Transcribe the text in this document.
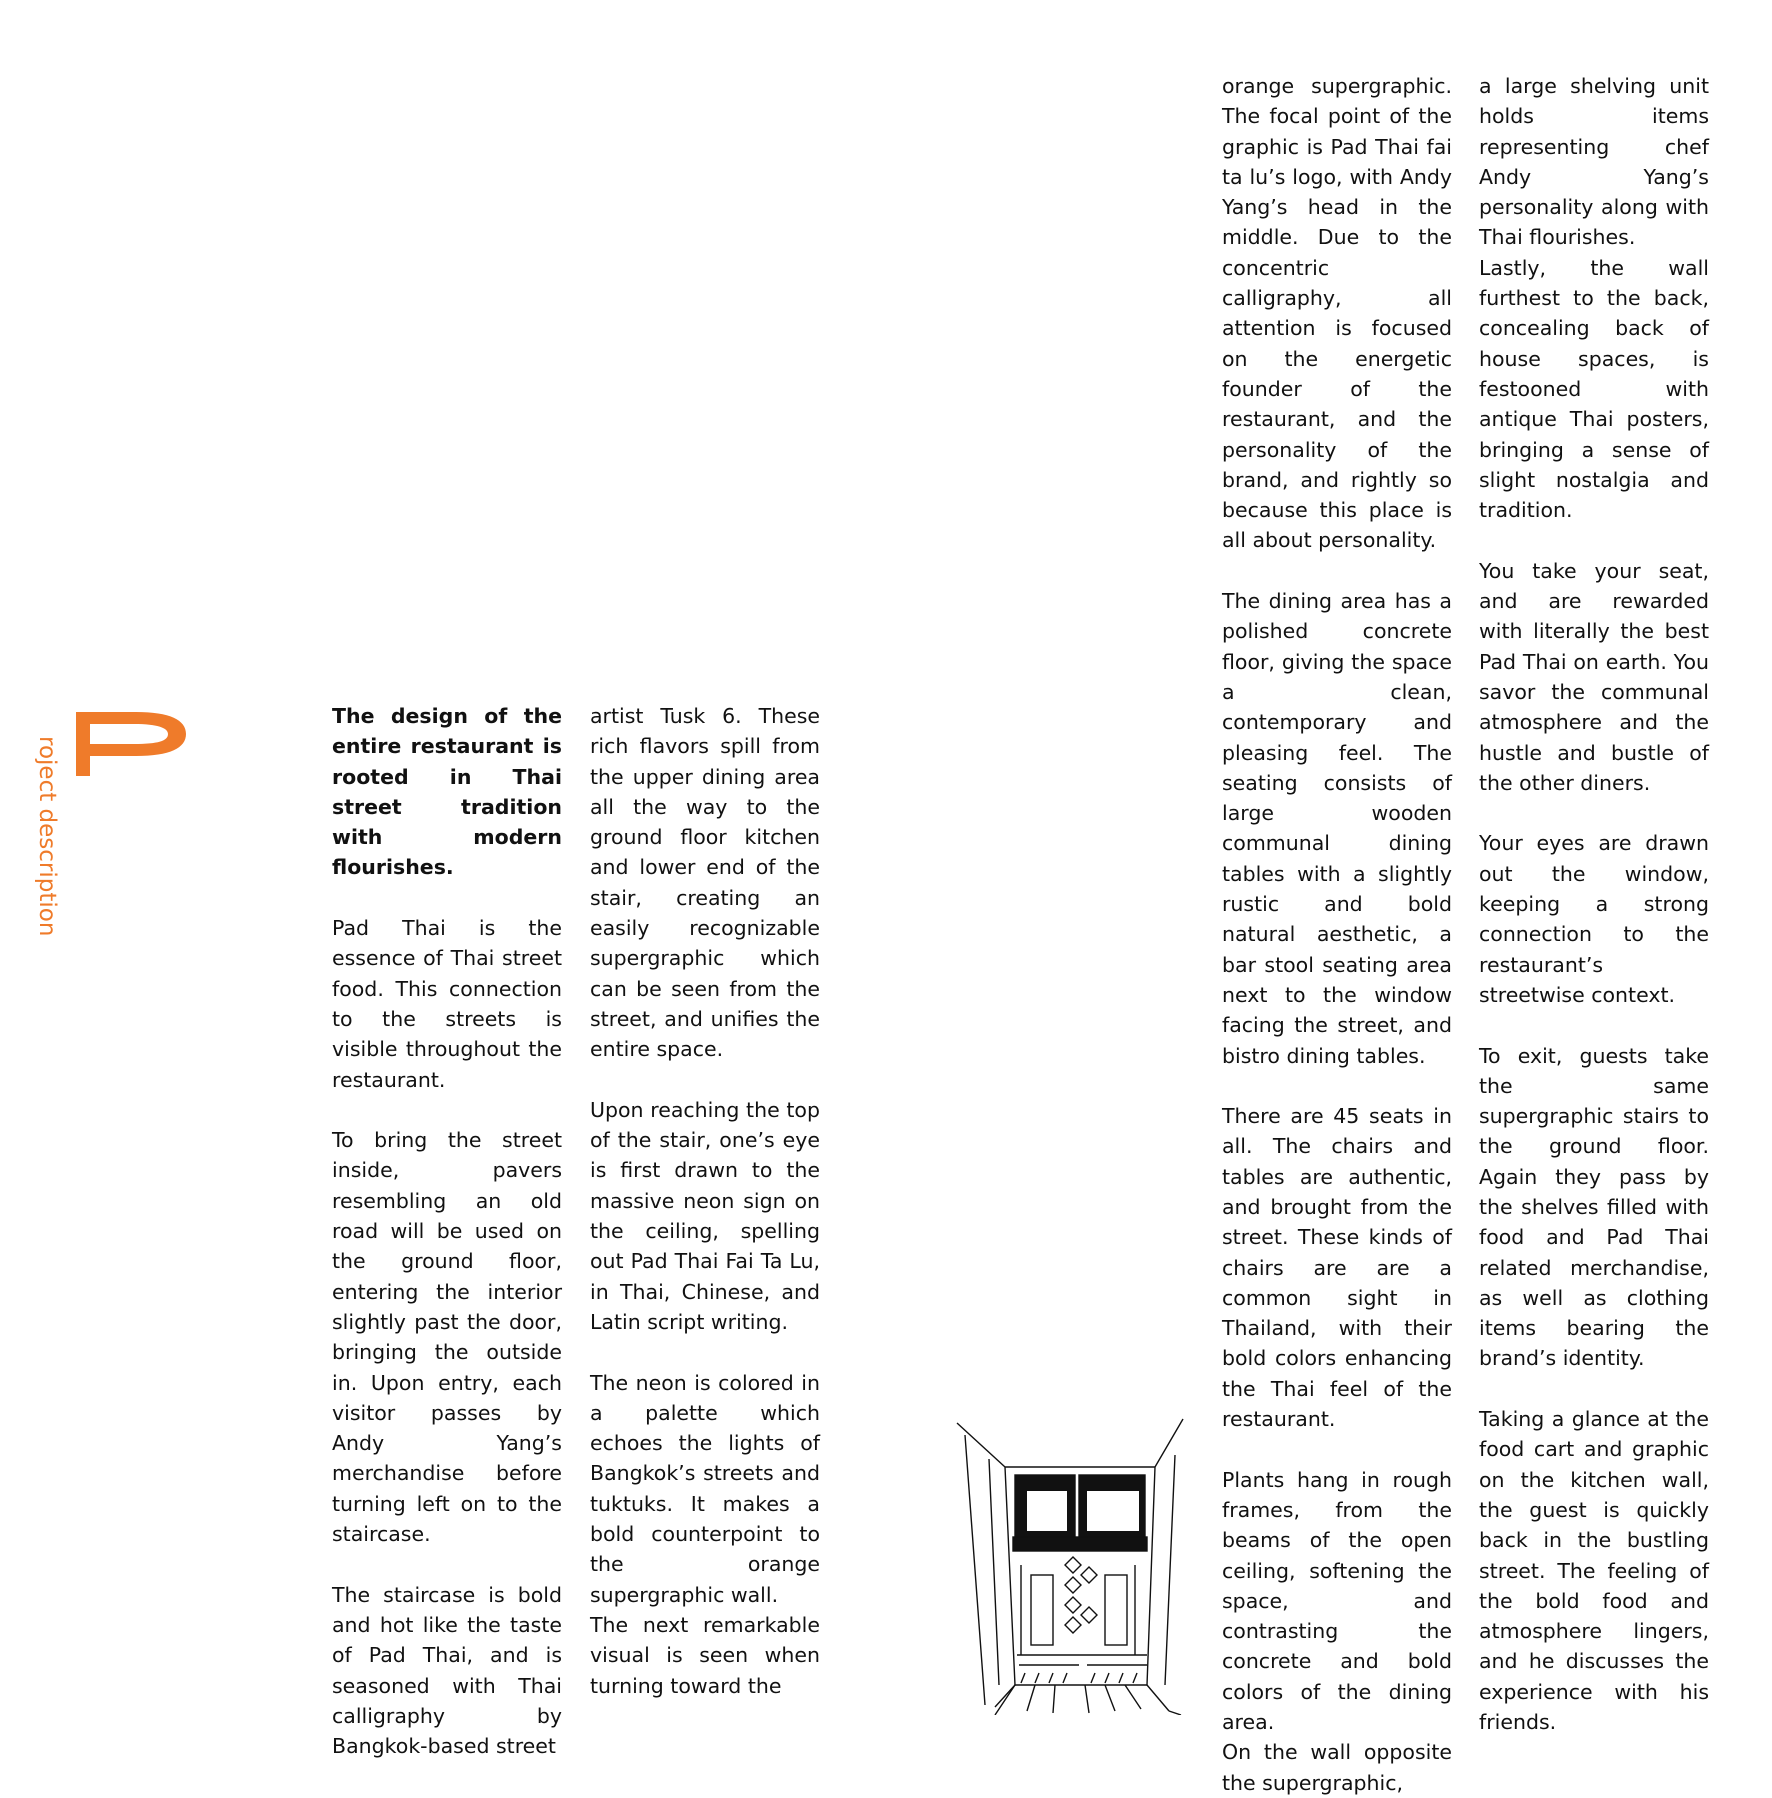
roject description

The design of the entire restaurant is rooted in Thai street tradition with modern flourishes.

Pad Thai is the essence of Thai street food. This connection to the streets is visible throughout the restaurant.

To bring the street inside, pavers resembling an old road will be used on the ground floor, entering the interior slightly past the door, bringing the outside in. Upon entry, each visitor passes by Andy Yang’s merchandise before turning left on to the staircase.

The staircase is bold and hot like the taste of Pad Thai, and is seasoned with Thai calligraphy by Bangkok-based street

artist Tusk 6. These rich flavors spill from the upper dining area all the way to the ground floor kitchen and lower end of the stair, creating an easily recognizable supergraphic which can be seen from the street, and unifies the entire space.

Upon reaching the top of the stair, one’s eye is first drawn to the massive neon sign on the ceiling, spelling out Pad Thai Fai Ta Lu, in Thai, Chinese, and Latin script writing.

The neon is colored in a palette which echoes the lights of Bangkok’s streets and tuktuks. It makes a bold counterpoint to the orange supergraphic wall.

The next remarkable visual is seen when turning toward the

orange supergraphic. The focal point of the graphic is Pad Thai fai ta lu’s logo, with Andy Yang’s head in the middle. Due to the concentric calligraphy, all attention is focused on the energetic founder of the restaurant, and the personality of the brand, and rightly so because this place is all about personality.

The dining area has a polished concrete floor, giving the space a clean, contemporary and pleasing feel. The seating consists of large wooden communal dining tables with a slightly rustic and bold natural aesthetic, a bar stool seating area next to the window facing the street, and bistro dining tables.

There are 45 seats in all. The chairs and tables are authentic, and brought from the street. These kinds of chairs are are a common sight in Thailand, with their bold colors enhancing the Thai feel of the restaurant.

Plants hang in rough frames, from the beams of the open ceiling, softening the space, and contrasting the concrete and bold colors of the dining area.

On the wall opposite the supergraphic,

a large shelving unit holds items representing chef Andy Yang’s personality along with Thai flourishes.

Lastly, the wall furthest to the back, concealing back of house spaces, is festooned with antique Thai posters, bringing a sense of slight nostalgia and tradition.

You take your seat, and are rewarded with literally the best Pad Thai on earth. You savor the communal atmosphere and the hustle and bustle of the other diners.

Your eyes are drawn out the window, keeping a strong connection to the restaurant’s streetwise context.

To exit, guests take the same supergraphic stairs to the ground floor. Again they pass by the shelves filled with food and Pad Thai related merchandise, as well as clothing items bearing the brand’s identity.

Taking a glance at the food cart and graphic on the kitchen wall, the guest is quickly back in the bustling street. The feeling of the bold food and atmosphere lingers, and he discusses the experience with his friends.
